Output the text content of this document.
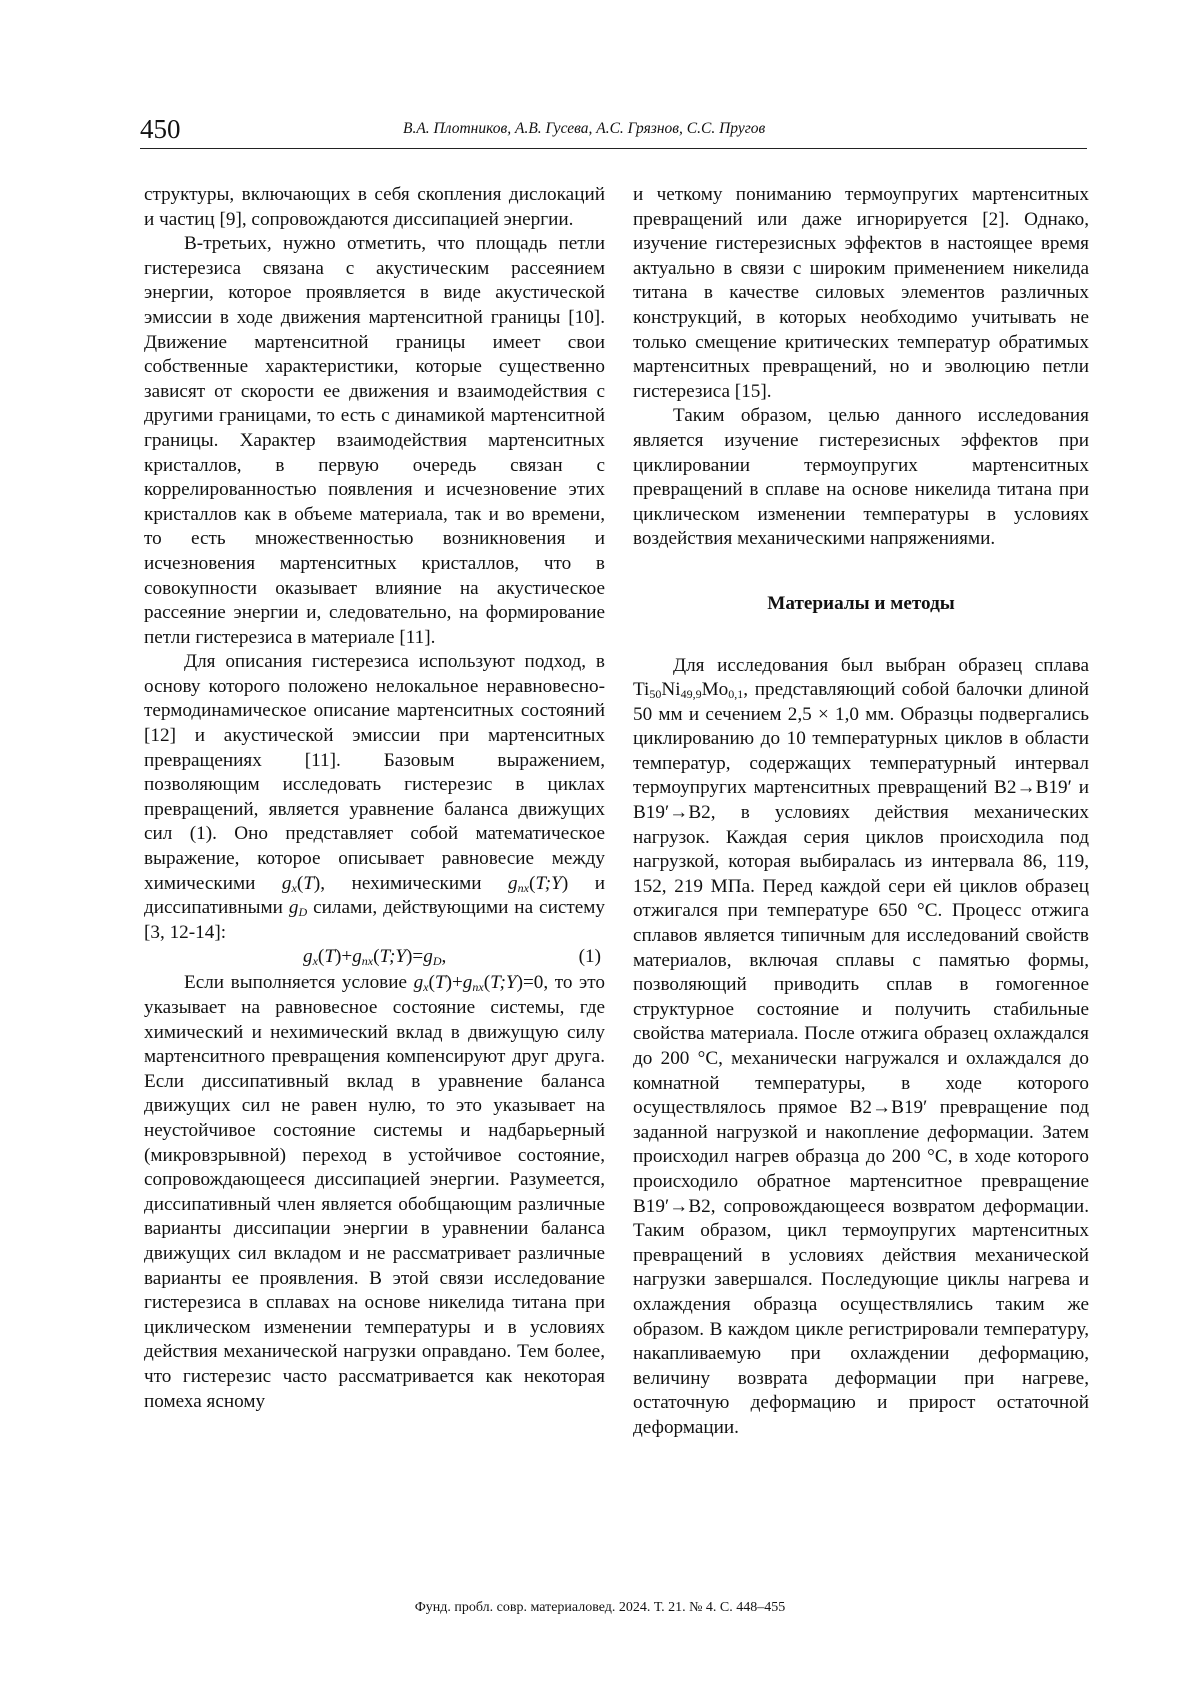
450	В.А. Плотников, А.В. Гусева, А.С. Грязнов, С.С. Пругов

структуры, включающих в себя скопления дислокаций и частиц [9], сопровождаются диссипацией энергии.

В-третьих, нужно отметить, что площадь петли гистерезиса связана с акустическим рассеянием энергии, которое проявляется в виде акустической эмиссии в ходе движения мартенситной границы [10]. Движение мартенситной границы имеет свои собственные характеристики, которые существенно зависят от скорости ее движения и взаимодействия с другими границами, то есть с динамикой мартенситной границы. Характер взаимодействия мартенситных кристаллов, в первую очередь связан с коррелированностью появления и исчезновение этих кристаллов как в объеме материала, так и во времени, то есть множественностью возникновения и исчезновения мартенситных кристаллов, что в совокупности оказывает влияние на акустическое рассеяние энергии и, следовательно, на формирование петли гистерезиса в материале [11].

Для описания гистерезиса используют подход, в основу которого положено нелокальное неравновесно-термодинамическое описание мартенситных состояний [12] и акустической эмиссии при мартенситных превращениях [11]. Базовым выражением, позволяющим исследовать гистерезис в циклах превращений, является уравнение баланса движущих сил (1). Оно представляет собой математическое выражение, которое описывает равновесие между химическими $g_x(T)$, нехимическими $g_{nx}(T;Y)$ и диссипативными $g_D$ силами, действующими на систему [3, 12-14]:

$g_x(T)+g_{nx}(T;Y)=g_D$,	(1)

Если выполняется условие $g_x(T)+g_{nx}(T;Y)=0$, то это указывает на равновесное состояние системы, где химический и нехимический вклад в движущую силу мартенситного превращения компенсируют друг друга. Если диссипативный вклад в уравнение баланса движущих сил не равен нулю, то это указывает на неустойчивое состояние системы и надбарьерный (микровзрывной) переход в устойчивое состояние, сопровождающееся диссипацией энергии. Разумеется, диссипативный член является обобщающим различные варианты диссипации энергии в уравнении баланса движущих сил вкладом и не рассматривает различные варианты ее проявления. В этой связи исследование гистерезиса в сплавах на основе никелида титана при циклическом изменении температуры и в условиях действия механической нагрузки оправдано. Тем более, что гистерезис часто рассматривается как некоторая помеха ясному

и четкому пониманию термоупругих мартенситных превращений или даже игнорируется [2]. Однако, изучение гистерезисных эффектов в настоящее время актуально в связи с широким применением никелида титана в качестве силовых элементов различных конструкций, в которых необходимо учитывать не только смещение критических температур обратимых мартенситных превращений, но и эволюцию петли гистерезиса [15].

Таким образом, целью данного исследования является изучение гистерезисных эффектов при циклировании термоупругих мартенситных превращений в сплаве на основе никелида титана при циклическом изменении температуры в условиях воздействия механическими напряжениями.

Материалы и методы

Для исследования был выбран образец сплава $Ti_{50}Ni_{49,9}Mo_{0,1}$, представляющий собой балочки длиной 50 мм и сечением 2,5 × 1,0 мм. Образцы подвергались циклированию до 10 температурных циклов в области температур, содержащих температурный интервал термоупругих мартенситных превращений B2→B19′ и B19′→B2, в условиях действия механических нагрузок. Каждая серия циклов происходила под нагрузкой, которая выбиралась из интервала 86, 119, 152, 219 МПа. Перед каждой сери ей циклов образец отжигался при температуре 650 °C. Процесс отжига сплавов является типичным для исследований свойств материалов, включая сплавы с памятью формы, позволяющий приводить сплав в гомогенное структурное состояние и получить стабильные свойства материала. После отжига образец охлаждался до 200 °C, механически нагружался и охлаждался до комнатной температуры, в ходе которого осуществлялось прямое B2→B19′ превращение под заданной нагрузкой и накопление деформации. Затем происходил нагрев образца до 200 °C, в ходе которого происходило обратное мартенситное превращение B19′→B2, сопровождающееся возвратом деформации. Таким образом, цикл термоупругих мартенситных превращений в условиях действия механической нагрузки завершался. Последующие циклы нагрева и охлаждения образца осуществлялись таким же образом. В каждом цикле регистрировали температуру, накапливаемую при охлаждении деформацию, величину возврата деформации при нагреве, остаточную деформацию и прирост остаточной деформации.

Фунд. пробл. совр. материаловед. 2024. Т. 21. № 4. С. 448–455
